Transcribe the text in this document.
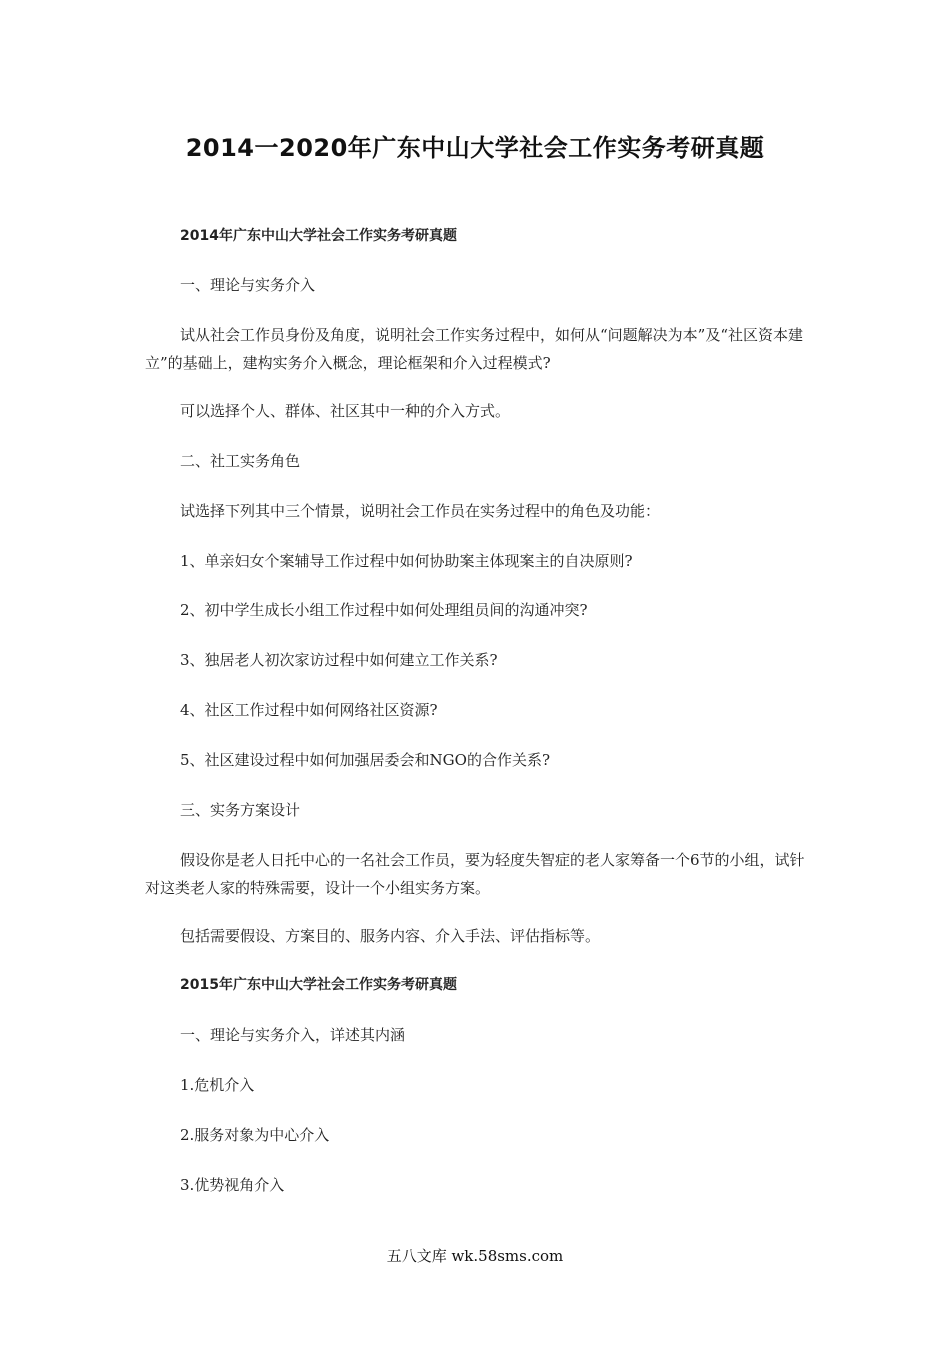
2014一2020年广东中山大学社会工作实务考研真题
2014年广东中山大学社会工作实务考研真题
一、理论与实务介入
试从社会工作员身份及角度，说明社会工作实务过程中，如何从“问题解决为本”及“社区资本建立”的基础上，建构实务介入概念，理论框架和介入过程模式?
可以选择个人、群体、社区其中一种的介入方式。
二、社工实务角色
试选择下列其中三个情景，说明社会工作员在实务过程中的角色及功能：
1、单亲妇女个案辅导工作过程中如何协助案主体现案主的自决原则?
2、初中学生成长小组工作过程中如何处理组员间的沟通冲突?
3、独居老人初次家访过程中如何建立工作关系?
4、社区工作过程中如何网络社区资源?
5、社区建设过程中如何加强居委会和NGO的合作关系?
三、实务方案设计
假设你是老人日托中心的一名社会工作员，要为轻度失智症的老人家筹备一个6节的小组，试针对这类老人家的特殊需要，设计一个小组实务方案。
包括需要假设、方案目的、服务内容、介入手法、评估指标等。
2015年广东中山大学社会工作实务考研真题
一、理论与实务介入，详述其内涵
1.危机介入
2.服务对象为中心介入
3.优势视角介入
五八文库 wk.58sms.com
